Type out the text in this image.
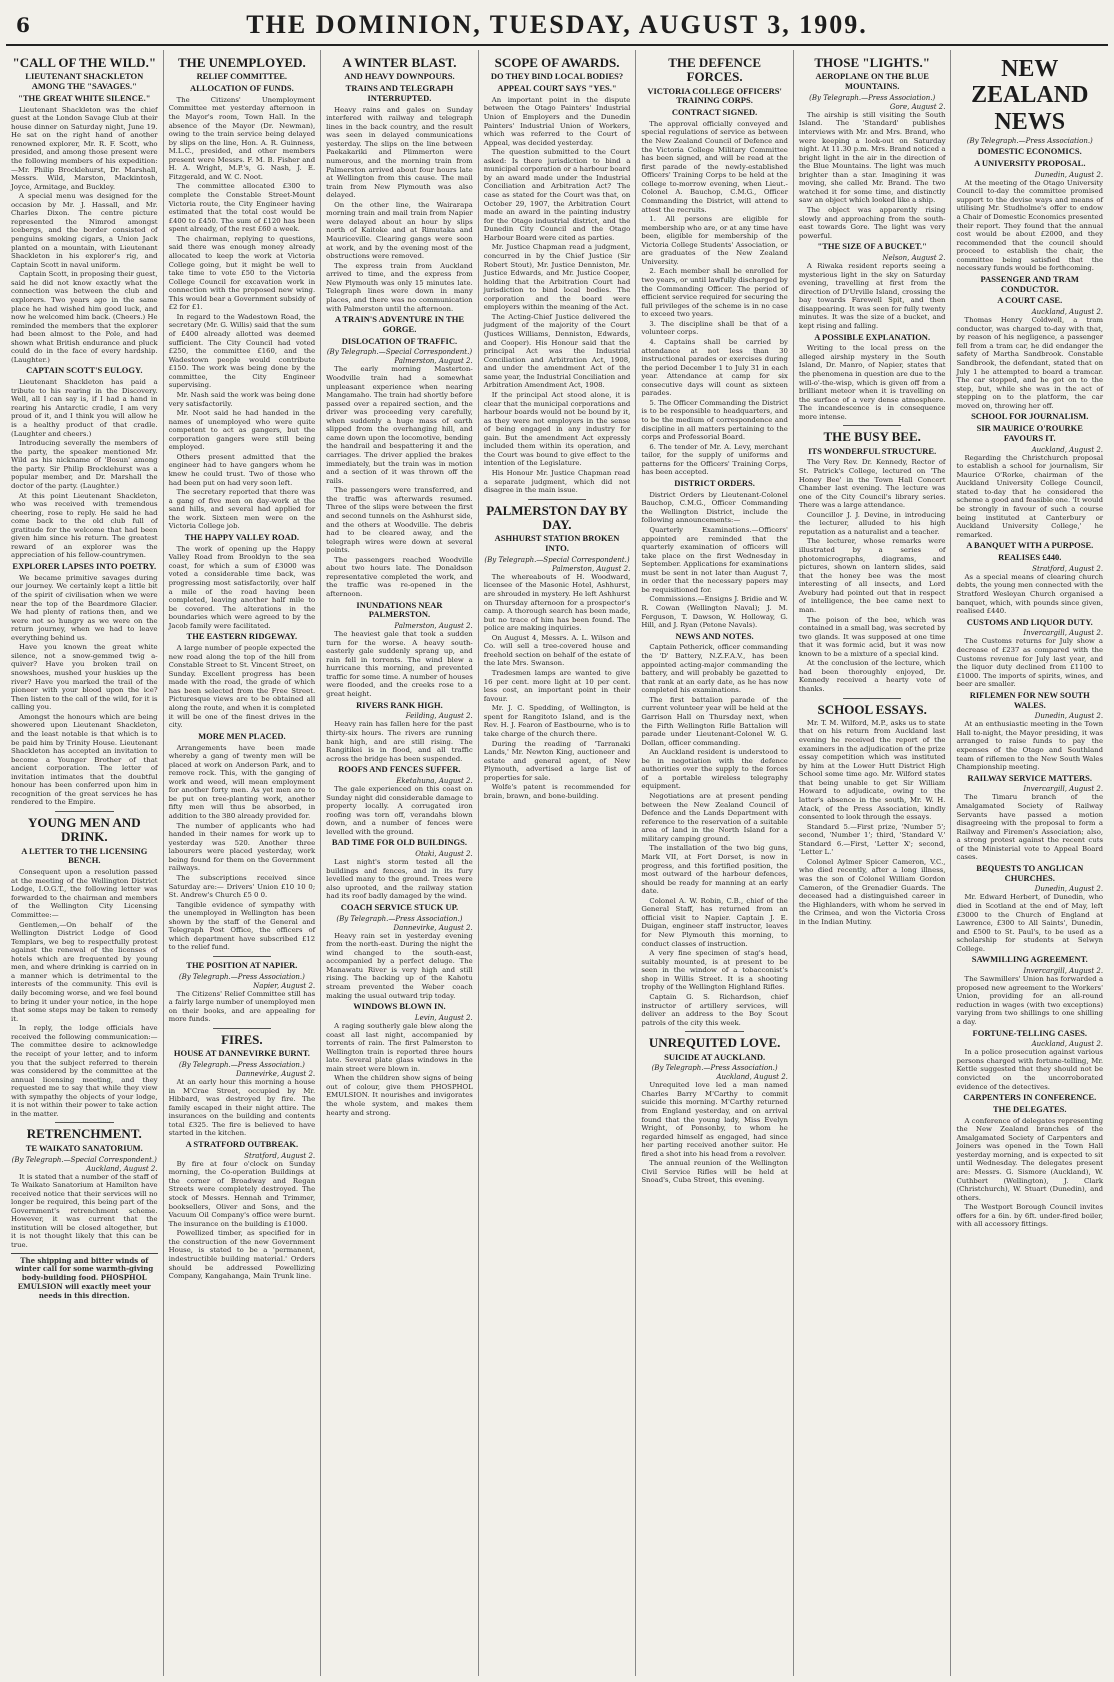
6	THE DOMINION, TUESDAY, AUGUST 3, 1909.
"CALL OF THE WILD."
LIEUTENANT SHACKLETON AMONG THE "SAVAGES."
"THE GREAT WHITE SILENCE."
Lieutenant Shackleton was the chief guest at the London Savage Club at their house dinner on Saturday night, June 19. He sat on the right hand of another renowned explorer, Mr. R. F. Scott, who presided, and among those present were the following members of his expedition:—Mr. Philip Brocklehurst, Dr. Marshall, Messrs. Wild, Marston, Mackintosh, Joyce, Armitage, and Buckley.
A special menu was designed for the occasion by Mr. J. Hassall, and Mr. Charles Dixon. The centre picture represented the Nimrod amongst icebergs, and the border consisted of penguins smoking cigars, a Union Jack planted on a mountain, with Lieutenant Shackleton in his explorer's rig, and Captain Scott in naval uniform.
Captain Scott, in proposing their guest, said he did not know exactly what the connection was between the club and explorers. Two years ago in the same place he had wished him good luck, and now he welcomed him back. (Cheers.) He reminded the members that the explorer had been almost to the Pole, and had shown what British endurance and pluck could do in the face of every hardship. (Laughter.)
CAPTAIN SCOTT'S EULOGY.
Lieutenant Shackleton has paid a tribute to his rearing in the Discovery. Well, all I can say is, if I had a hand in rearing his Antarctic cradle, I am very proud of it, and I think you will allow he is a healthy product of that cradle. (Laughter and cheers.)
Introducing severally the members of the party, the speaker mentioned Mr. Wild as his nickname of 'Bosun' among the party. Sir Philip Brocklehurst was a popular member, and Dr. Marshall the doctor of the party. (Laughter.)
At this point Lieutenant Shackleton, who was received with tremendous cheering, rose to reply. He said he had come back to the old club full of gratitude for the welcome that had been given him since his return. The greatest reward of an explorer was the appreciation of his fellow-countrymen.
EXPLORER LAPSES INTO POETRY.
We became primitive savages during our journey. We certainly kept a little bit of the spirit of civilisation when we were near the top of the Beardmore Glacier. We had plenty of rations then, and we were not so hungry as we were on the return journey, when we had to leave everything behind us.
Have you known the great white silence, not a snow-gemmed twig a-quiver? Have you broken trail on snowshoes, mushed your huskies up the river? Have you marked the trail of the pioneer with your blood upon the ice? Then listen to the call of the wild, for it is calling you.
Amongst the honours which are being showered upon Lieutenant Shackleton, and the least notable is that which is to be paid him by Trinity House. Lieutenant Shackleton has accepted an invitation to become a Younger Brother of that ancient corporation. The letter of invitation intimates that the doubtful honour has been conferred upon him in recognition of the great services he has rendered to the Empire.
YOUNG MEN AND DRINK.
A LETTER TO THE LICENSING BENCH.
Consequent upon a resolution passed at the meeting of the Wellington District Lodge, I.O.G.T., the following letter was forwarded to the chairman and members of the Wellington City Licensing Committee:—
Gentlemen,—On behalf of the Wellington District Lodge of Good Templars, we beg to respectfully protest against the renewal of the licenses of hotels which are frequented by young men, and where drinking is carried on in a manner which is detrimental to the interests of the community. This evil is daily becoming worse, and we feel bound to bring it under your notice, in the hope that some steps may be taken to remedy it.
In reply, the lodge officials have received the following communication:—The committee desire to acknowledge the receipt of your letter, and to inform you that the subject referred to therein was considered by the committee at the annual licensing meeting, and they requested me to say that while they view with sympathy the objects of your lodge, it is not within their power to take action in the matter.
RETRENCHMENT.
TE WAIKATO SANATORIUM.
(By Telegraph.—Special Correspondent.)
Auckland, August 2.
It is stated that a number of the staff of Te Waikato Sanatorium at Hamilton have received notice that their services will no longer be required, this being part of the Government's retrenchment scheme. However, it was current that the institution will be closed altogether, but it is not thought likely that this can be true.
The shipping and bitter winds of winter call for some warmth-giving body-building food. PHOSPHOL EMULSION will exactly meet your needs in this direction.
THE UNEMPLOYED.
RELIEF COMMITTEE.
ALLOCATION OF FUNDS.
The Citizens' Unemployment Committee met yesterday afternoon in the Mayor's room, Town Hall. In the absence of the Mayor (Dr. Newman), owing to the train service being delayed by slips on the line, Hon. A. R. Guinness, M.L.C., presided, and other members present were Messrs. F. M. B. Fisher and H. A. Wright, M.P.'s, G. Nash, J. E. Fitzgerald, and W. C. Noot.
The committee allocated £300 to complete the Constable Street-Mount Victoria route, the City Engineer having estimated that the total cost would be £400 to £450. The sum of £120 has been spent already, of the rest £60 a week.
The chairman, replying to questions, said there was enough money already allocated to keep the work at Victoria College going, but it might be well to take time to vote £50 to the Victoria College Council for excavation work in connection with the proposed new wing. This would bear a Government subsidy of £2 for £1.
In regard to the Wadestown Road, the secretary (Mr. G. Willis) said that the sum of £400 already allotted was deemed sufficient. The City Council had voted £250, the committee £160, and the Wadestown people would contribute £150. The work was being done by the committee, the City Engineer supervising.
Mr. Nash said the work was being done very satisfactorily.
Mr. Noot said he had handed in the names of unemployed who were quite competent to act as gangers, but the corporation gangers were still being employed.
Others present admitted that the engineer had to have gangers whom he knew he could trust. Two of those who had been put on had very soon left.
The secretary reported that there was a gang of five men on day-work at the sand hills, and several had applied for the work. Sixteen men were on the Victoria College job.
THE HAPPY VALLEY ROAD.
The work of opening up the Happy Valley Road from Brooklyn to the sea coast, for which a sum of £3000 was voted a considerable time back, was progressing most satisfactorily, over half a mile of the road having been completed, leaving another half mile to be covered. The alterations in the boundaries which were agreed to by the Jacob family were facilitated.
THE EASTERN RIDGEWAY.
A large number of people expected the new road along the top of the hill from Constable Street to St. Vincent Street, on Sunday. Excellent progress has been made with the road, the grade of which has been selected from the Free Street. Picturesque views are to be obtained all along the route, and when it is completed it will be one of the finest drives in the city.
MORE MEN PLACED.
Arrangements have been made whereby a gang of twenty men will be placed at work on Anderson Park, and to remove rock. This, with the ganging of work and weed, will mean employment for another forty men. As yet men are to be put on tree-planting work, another fifty men will thus be absorbed, in addition to the 380 already provided for.
The number of applicants who had handed in their names for work up to yesterday was 520. Another three labourers were placed yesterday, work being found for them on the Government railways.
The subscriptions received since Saturday are:— Drivers' Union £10 10 0; St. Andrew's Church £5 0 0.
Tangible evidence of sympathy with the unemployed in Wellington has been shown by the staff of the General and Telegraph Post Office, the officers of which department have subscribed £12 to the relief fund.
THE POSITION AT NAPIER.
(By Telegraph.—Press Association.)
Napier, August 2.
The Citizens' Relief Committee still has a fairly large number of unemployed men on their books, and are appealing for more funds.
FIRES.
HOUSE AT DANNEVIRKE BURNT.
(By Telegraph.—Press Association.)
Dannevirke, August 2.
At an early hour this morning a house in M'Crae Street, occupied by Mr. Hibbard, was destroyed by fire. The family escaped in their night attire. The insurances on the building and contents total £325. The fire is believed to have started in the kitchen.
A STRATFORD OUTBREAK.
Stratford, August 2.
By fire at four o'clock on Sunday morning, the Co-operation Buildings at the corner of Broadway and Regan Streets were completely destroyed. The stock of Messrs. Hennah and Trimmer, booksellers, Oliver and Sons, and the Vacuum Oil Company's office were burnt. The insurance on the building is £1000.
Powellized timber, as specified for in the construction of the new Government House, is stated to be a 'permanent, indestructible building material.' Orders should be addressed Powellizing Company, Kangahanga, Main Trunk line.
A WINTER BLAST.
AND HEAVY DOWNPOURS.
TRAINS AND TELEGRAPH INTERRUPTED.
Heavy rains and gales on Sunday interfered with railway and telegraph lines in the back country, and the result was seen in delayed communications yesterday. The slips on the line between Paekakariki and Plimmerton were numerous, and the morning train from Palmerston arrived about four hours late at Wellington from this cause. The mail train from New Plymouth was also delayed.
On the other line, the Wairarapa morning train and mail train from Napier were delayed about an hour by slips north of Kaitoke and at Rimutaka and Mauriceville. Clearing gangs were soon at work, and by the evening most of the obstructions were removed.
The express train from Auckland arrived to time, and the express from New Plymouth was only 15 minutes late. Telegraph lines were down in many places, and there was no communication with Palmerston until the afternoon.
A TRAIN'S ADVENTURE IN THE GORGE.
DISLOCATION OF TRAFFIC.
(By Telegraph.—Special Correspondent.)
Palmerston, August 2.
The early morning Masterton-Woodville train had a somewhat unpleasant experience when nearing Mangamaho. The train had shortly before passed over a repaired section, and the driver was proceeding very carefully, when suddenly a huge mass of earth slipped from the overhanging hill, and came down upon the locomotive, bending the handrail and bespattering it and the carriages. The driver applied the brakes immediately, but the train was in motion and a section of it was thrown off the rails.
The passengers were transferred, and the traffic was afterwards resumed. Three of the slips were between the first and second tunnels on the Ashhurst side, and the others at Woodville. The debris had to be cleared away, and the telegraph wires were down at several points.
The passengers reached Woodville about two hours late. The Donaldson representative completed the work, and the traffic was re-opened in the afternoon.
INUNDATIONS NEAR PALMERSTON.
Palmerston, August 2.
The heaviest gale that took a sudden turn for the worse. A heavy south-easterly gale suddenly sprang up, and rain fell in torrents. The wind blew a hurricane this morning, and prevented traffic for some time. A number of houses were flooded, and the creeks rose to a great height.
RIVERS RANK HIGH.
Feilding, August 2.
Heavy rain has fallen here for the past thirty-six hours. The rivers are running bank high, and are still rising. The Rangitikei is in flood, and all traffic across the bridge has been suspended.
ROOFS AND FENCES SUFFER.
Eketahuna, August 2.
The gale experienced on this coast on Sunday night did considerable damage to property locally. A corrugated iron roofing was torn off, verandahs blown down, and a number of fences were levelled with the ground.
BAD TIME FOR OLD BUILDINGS.
Otaki, August 2.
Last night's storm tested all the buildings and fences, and in its fury levelled many to the ground. Trees were also uprooted, and the railway station had its roof badly damaged by the wind.
COACH SERVICE STUCK UP.
(By Telegraph.—Press Association.)
Dannevirke, August 2.
Heavy rain set in yesterday evening from the north-east. During the night the wind changed to the south-east, accompanied by a perfect deluge. The Manawatu River is very high and still rising. The backing up of the Kahotu stream prevented the Weber coach making the usual outward trip today.
WINDOWS BLOWN IN.
Levin, August 2.
A raging southerly gale blew along the coast all last night, accompanied by torrents of rain. The first Palmerston to Wellington train is reported three hours late. Several plate glass windows in the main street were blown in.
When the children show signs of being out of colour, give them PHOSPHOL EMULSION. It nourishes and invigorates the whole system, and makes them hearty and strong.
SCOPE OF AWARDS.
DO THEY BIND LOCAL BODIES?
APPEAL COURT SAYS "YES."
An important point in the dispute between the Otago Painters' Industrial Union of Employers and the Dunedin Painters' Industrial Union of Workers, which was referred to the Court of Appeal, was decided yesterday.
The question submitted to the Court asked: Is there jurisdiction to bind a municipal corporation or a harbour board by an award made under the Industrial Conciliation and Arbitration Act? The case as stated for the Court was that, on October 29, 1907, the Arbitration Court made an award in the painting industry for the Otago industrial district, and the Dunedin City Council and the Otago Harbour Board were cited as parties.
Mr. Justice Chapman read a judgment, concurred in by the Chief Justice (Sir Robert Stout), Mr. Justice Denniston, Mr. Justice Edwards, and Mr. Justice Cooper, holding that the Arbitration Court had jurisdiction to bind local bodies. The corporation and the board were employers within the meaning of the Act.
The Acting-Chief Justice delivered the judgment of the majority of the Court (Justices Williams, Denniston, Edwards, and Cooper). His Honour said that the principal Act was the Industrial Conciliation and Arbitration Act, 1908, and under the amendment Act of the same year, the Industrial Conciliation and Arbitration Amendment Act, 1908.
If the principal Act stood alone, it is clear that the municipal corporations and harbour boards would not be bound by it, as they were not employers in the sense of being engaged in any industry for gain. But the amendment Act expressly included them within its operation, and the Court was bound to give effect to the intention of the Legislature.
His Honour Mr. Justice Chapman read a separate judgment, which did not disagree in the main issue.
PALMERSTON DAY BY DAY.
ASHHURST STATION BROKEN INTO.
(By Telegraph.—Special Correspondent.)
Palmerston, August 2.
The whereabouts of H. Woodward, licensee of the Masonic Hotel, Ashhurst, are shrouded in mystery. He left Ashhurst on Thursday afternoon for a prospector's camp. A thorough search has been made, but no trace of him has been found. The police are making inquiries.
On August 4, Messrs. A. L. Wilson and Co. will sell a tree-covered house and freehold section on behalf of the estate of the late Mrs. Swanson.
Tradesmen lamps are wanted to give 16 per cent. more light at 10 per cent. less cost, an important point in their favour.
Mr. J. C. Spedding, of Wellington, is spent for Rangitoto Island, and is the Rev. H. J. Fearon of Eastbourne, who is to take charge of the church there.
During the reading of 'Tarranaki Lands,' Mr. Newton King, auctioneer and estate and general agent, of New Plymouth, advertised a large list of properties for sale.
Wolfe's patent is recommended for brain, brawn, and bone-building.
THE DEFENCE FORCES.
VICTORIA COLLEGE OFFICERS' TRAINING CORPS.
CONTRACT SIGNED.
The approval officially conveyed and special regulations of service as between the New Zealand Council of Defence and the Victoria College Military Committee has been signed, and will be read at the first parade of the newly-established Officers' Training Corps to be held at the college to-morrow evening, when Lieut.-Colonel A. Bauchop, C.M.G., Officer Commanding the District, will attend to attest the recruits.
1. All persons are eligible for membership who are, or at any time have been, eligible for membership of the Victoria College Students' Association, or are graduates of the New Zealand University.
2. Each member shall be enrolled for two years, or until lawfully discharged by the Commanding Officer. The period of efficient service required for securing the full privileges of the scheme is in no case to exceed two years.
3. The discipline shall be that of a volunteer corps.
4. Captains shall be carried by attendance at not less than 30 instructional parades or exercises during the period December 1 to July 31 in each year. Attendance at camp for six consecutive days will count as sixteen parades.
5. The Officer Commanding the District is to be responsible to headquarters, and to be the medium of correspondence and discipline in all matters pertaining to the corps and Professorial Board.
6. The tender of Mr. A. Levy, merchant tailor, for the supply of uniforms and patterns for the Officers' Training Corps, has been accepted.
DISTRICT ORDERS.
District Orders by Lieutenant-Colonel Bauchop, C.M.G., Officer Commanding the Wellington District, include the following announcements:—
Quarterly Examinations.—Officers' appointed are reminded that the quarterly examination of officers will take place on the first Wednesday in September. Applications for examinations must be sent in not later than August 7, in order that the necessary papers may be requisitioned for.
Commissions.—Ensigns J. Bridie and W. R. Cowan (Wellington Naval); J. M. Ferguson, T. Dawson, W. Holloway, G. Hill, and J. Ryan (Petone Navals).
NEWS AND NOTES.
Captain Petherick, officer commanding the 'D' Battery, N.Z.F.A.V., has been appointed acting-major commanding the battery, and will probably be gazetted to that rank at an early date, as he has now completed his examinations.
The first battalion parade of the current volunteer year will be held at the Garrison Hall on Thursday next, when the Fifth Wellington Rifle Battalion will parade under Lieutenant-Colonel W. G. Dollan, officer commanding.
An Auckland resident is understood to be in negotiation with the defence authorities over the supply to the forces of a portable wireless telegraphy equipment.
Negotiations are at present pending between the New Zealand Council of Defence and the Lands Department with reference to the reservation of a suitable area of land in the North Island for a military camping ground.
The installation of the two big guns, Mark VII, at Fort Dorset, is now in progress, and this fortified position, the most outward of the harbour defences, should be ready for manning at an early date.
Colonel A. W. Robin, C.B., chief of the General Staff, has returned from an official visit to Napier. Captain J. E. Duigan, engineer staff instructor, leaves for New Plymouth this morning, to conduct classes of instruction.
A very fine specimen of stag's head, suitably mounted, is at present to be seen in the window of a tobacconist's shop in Willis Street. It is a shooting trophy of the Wellington Highland Rifles.
Captain G. S. Richardson, chief instructor of artillery services, will deliver an address to the Boy Scout patrols of the city this week.
UNREQUITED LOVE.
SUICIDE AT AUCKLAND.
(By Telegraph.—Press Association.)
Auckland, August 2.
Unrequited love led a man named Charles Barry M'Carthy to commit suicide this morning. M'Carthy returned from England yesterday, and on arrival found that the young lady, Miss Evelyn Wright, of Ponsonby, to whom he regarded himself as engaged, had since her parting received another suitor. He fired a shot into his head from a revolver.
The annual reunion of the Wellington Civil Service Rifles will be held at Snoad's, Cuba Street, this evening.
THOSE "LIGHTS."
AEROPLANE ON THE BLUE MOUNTAINS.
(By Telegraph.—Press Association.)
Gore, August 2.
The airship is still visiting the South Island. The 'Standard' publishes interviews with Mr. and Mrs. Brand, who were keeping a look-out on Saturday night. At 11.30 p.m. Mrs. Brand noticed a bright light in the air in the direction of the Blue Mountains. The light was much brighter than a star. Imagining it was moving, she called Mr. Brand. The two watched it for some time, and distinctly saw an object which looked like a ship.
The object was apparently rising slowly and approaching from the south-east towards Gore. The light was very powerful.
"THE SIZE OF A BUCKET."
Nelson, August 2.
A Riwaka resident reports seeing a mysterious light in the sky on Saturday evening, travelling at first from the direction of D'Urville Island, crossing the bay towards Farewell Spit, and then disappearing. It was seen for fully twenty minutes. It was the size of a bucket, and kept rising and falling.
A POSSIBLE EXPLANATION.
Writing to the local press on the alleged airship mystery in the South Island, Dr. Manro, of Napier, states that the phenomena in question are due to the will-o'-the-wisp, which is given off from a brilliant meteor when it is travelling on the surface of a very dense atmosphere. The incandescence is in consequence more intense.
THE BUSY BEE.
ITS WONDERFUL STRUCTURE.
The Very Rev. Dr. Kennedy, Rector of St. Patrick's College, lectured on 'The Honey Bee' in the Town Hall Concert Chamber last evening. The lecture was one of the City Council's library series. There was a large attendance.
Councillor J. J. Devine, in introducing the lecturer, alluded to his high reputation as a naturalist and a teacher.
The lecturer, whose remarks were illustrated by a series of photomicrographs, diagrams, and pictures, shown on lantern slides, said that the honey bee was the most interesting of all insects, and Lord Avebury had pointed out that in respect of intelligence, the bee came next to man.
The poison of the bee, which was contained in a small bag, was secreted by two glands. It was supposed at one time that it was formic acid, but it was now known to be a mixture of a special kind.
At the conclusion of the lecture, which had been thoroughly enjoyed, Dr. Kennedy received a hearty vote of thanks.
SCHOOL ESSAYS.
Mr. T. M. Wilford, M.P., asks us to state that on his return from Auckland last evening he received the report of the examiners in the adjudication of the prize essay competition which was instituted by him at the Lower Hutt District High School some time ago. Mr. Wilford states that being unable to get Sir William Howard to adjudicate, owing to the latter's absence in the south, Mr. W. H. Atack, of the Press Association, kindly consented to look through the essays.
Standard 5.—First prize, 'Number 5'; second, 'Number 1'; third, 'Standard V.' Standard 6.—First, 'Letter X'; second, 'Letter L.'
Colonel Aylmer Spicer Cameron, V.C., who died recently, after a long illness, was the son of Colonel William Gordon Cameron, of the Grenadier Guards. The deceased had a distinguished career in the Highlanders, with whom he served in the Crimea, and won the Victoria Cross in the Indian Mutiny.
NEW ZEALAND NEWS
(By Telegraph.—Press Association.)
DOMESTIC ECONOMICS.
A UNIVERSITY PROPOSAL.
Dunedin, August 2.
At the meeting of the Otago University Council to-day the committee promised support to the devise ways and means of utilising Mr. Studholme's offer to endow a Chair of Domestic Economics presented their report. They found that the annual cost would be about £2000, and they recommended that the council should proceed to establish the chair, the committee being satisfied that the necessary funds would be forthcoming.
PASSENGER AND TRAM CONDUCTOR.
A COURT CASE.
Auckland, August 2.
Thomas Henry Coldwell, a tram conductor, was charged to-day with that, by reason of his negligence, a passenger fell from a tram car, he did endanger the safety of Martha Sandbrook. Constable Sandbrook, the defendant, stated that on July 1 he attempted to board a tramcar. The car stopped, and he got on to the step, but, while she was in the act of stepping on to the platform, the car moved on, throwing her off.
SCHOOL FOR JOURNALISM.
SIR MAURICE O'ROURKE FAVOURS IT.
Auckland, August 2.
Regarding the Christchurch proposal to establish a school for journalism, Sir Maurice O'Rorke, chairman of the Auckland University College Council, stated to-day that he considered the scheme a good and feasible one. 'It would be strongly in favour of such a course being instituted at Canterbury or Auckland University College,' he remarked.
A BANQUET WITH A PURPOSE.
REALISES £440.
Stratford, August 2.
As a special means of clearing church debts, the young men connected with the Stratford Wesleyan Church organised a banquet, which, with pounds since given, realised £440.
CUSTOMS AND LIQUOR DUTY.
Invercargill, August 2.
The Customs returns for July show a decrease of £237 as compared with the Customs revenue for July last year, and the liquor duty declined from £1100 to £1000. The imports of spirits, wines, and beer are smaller.
RIFLEMEN FOR NEW SOUTH WALES.
Dunedin, August 2.
At an enthusiastic meeting in the Town Hall to-night, the Mayor presiding, it was arranged to raise funds to pay the expenses of the Otago and Southland team of riflemen to the New South Wales Championship meeting.
RAILWAY SERVICE MATTERS.
Invercargill, August 2.
The Timaru branch of the Amalgamated Society of Railway Servants have passed a motion disagreeing with the proposal to form a Railway and Firemen's Association; also, a strong protest against the recent cuts of the Ministerial vote to Appeal Board cases.
BEQUESTS TO ANGLICAN CHURCHES.
Dunedin, August 2.
Mr. Edward Herbert, of Dunedin, who died in Scotland at the end of May, left £3000 to the Church of England at Lawrence, £300 to All Saints', Dunedin, and £500 to St. Paul's, to be used as a scholarship for students at Selwyn College.
SAWMILLING AGREEMENT.
Invercargill, August 2.
The Sawmillers' Union has forwarded a proposed new agreement to the Workers' Union, providing for an all-round reduction in wages (with two exceptions) varying from two shillings to one shilling a day.
FORTUNE-TELLING CASES.
Auckland, August 2.
In a police prosecution against various persons charged with fortune-telling, Mr. Kettle suggested that they should not be convicted on the uncorroborated evidence of the detectives.
CARPENTERS IN CONFERENCE.
THE DELEGATES.
A conference of delegates representing the New Zealand branches of the Amalgamated Society of Carpenters and Joiners was opened in the Town Hall yesterday morning, and is expected to sit until Wednesday. The delegates present are: Messrs. G. Sismore (Auckland), W. Cuthbert (Wellington), J. Clark (Christchurch), W. Stuart (Dunedin), and others.
The Westport Borough Council invites offers for a 6in. by 6ft. under-fired boiler, with all accessory fittings.
